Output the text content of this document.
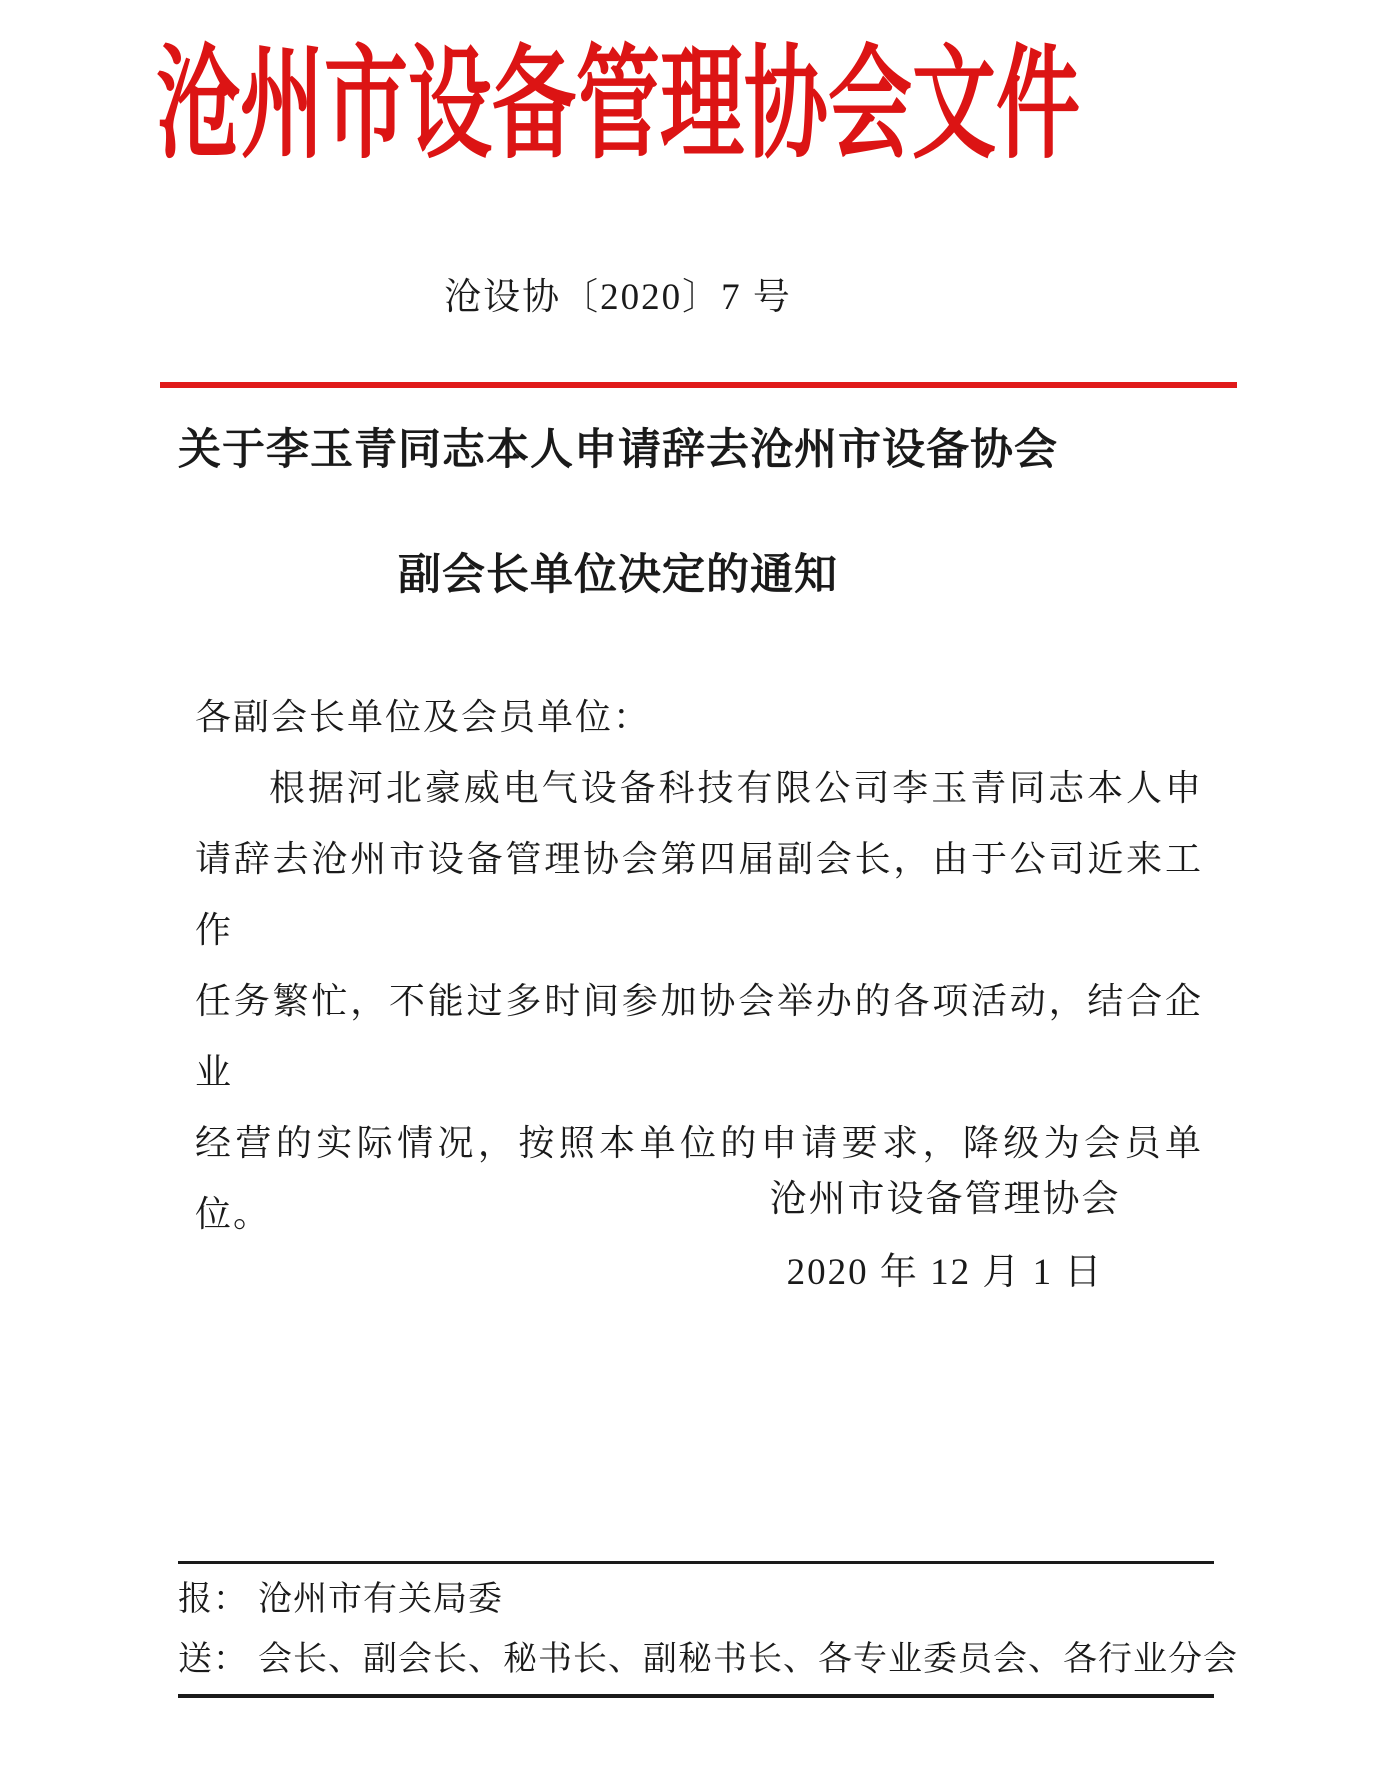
沧州市设备管理协会文件
沧设协〔2020〕7 号
关于李玉青同志本人申请辞去沧州市设备协会
副会长单位决定的通知
各副会长单位及会员单位：
根据河北豪威电气设备科技有限公司李玉青同志本人申
请辞去沧州市设备管理协会第四届副会长，由于公司近来工作
任务繁忙，不能过多时间参加协会举办的各项活动，结合企业
经营的实际情况，按照本单位的申请要求，降级为会员单位。	沧州市设备管理协会
2020 年 12 月 1 日
报： 沧州市有关局委
送： 会长、副会长、秘书长、副秘书长、各专业委员会、各行业分会
